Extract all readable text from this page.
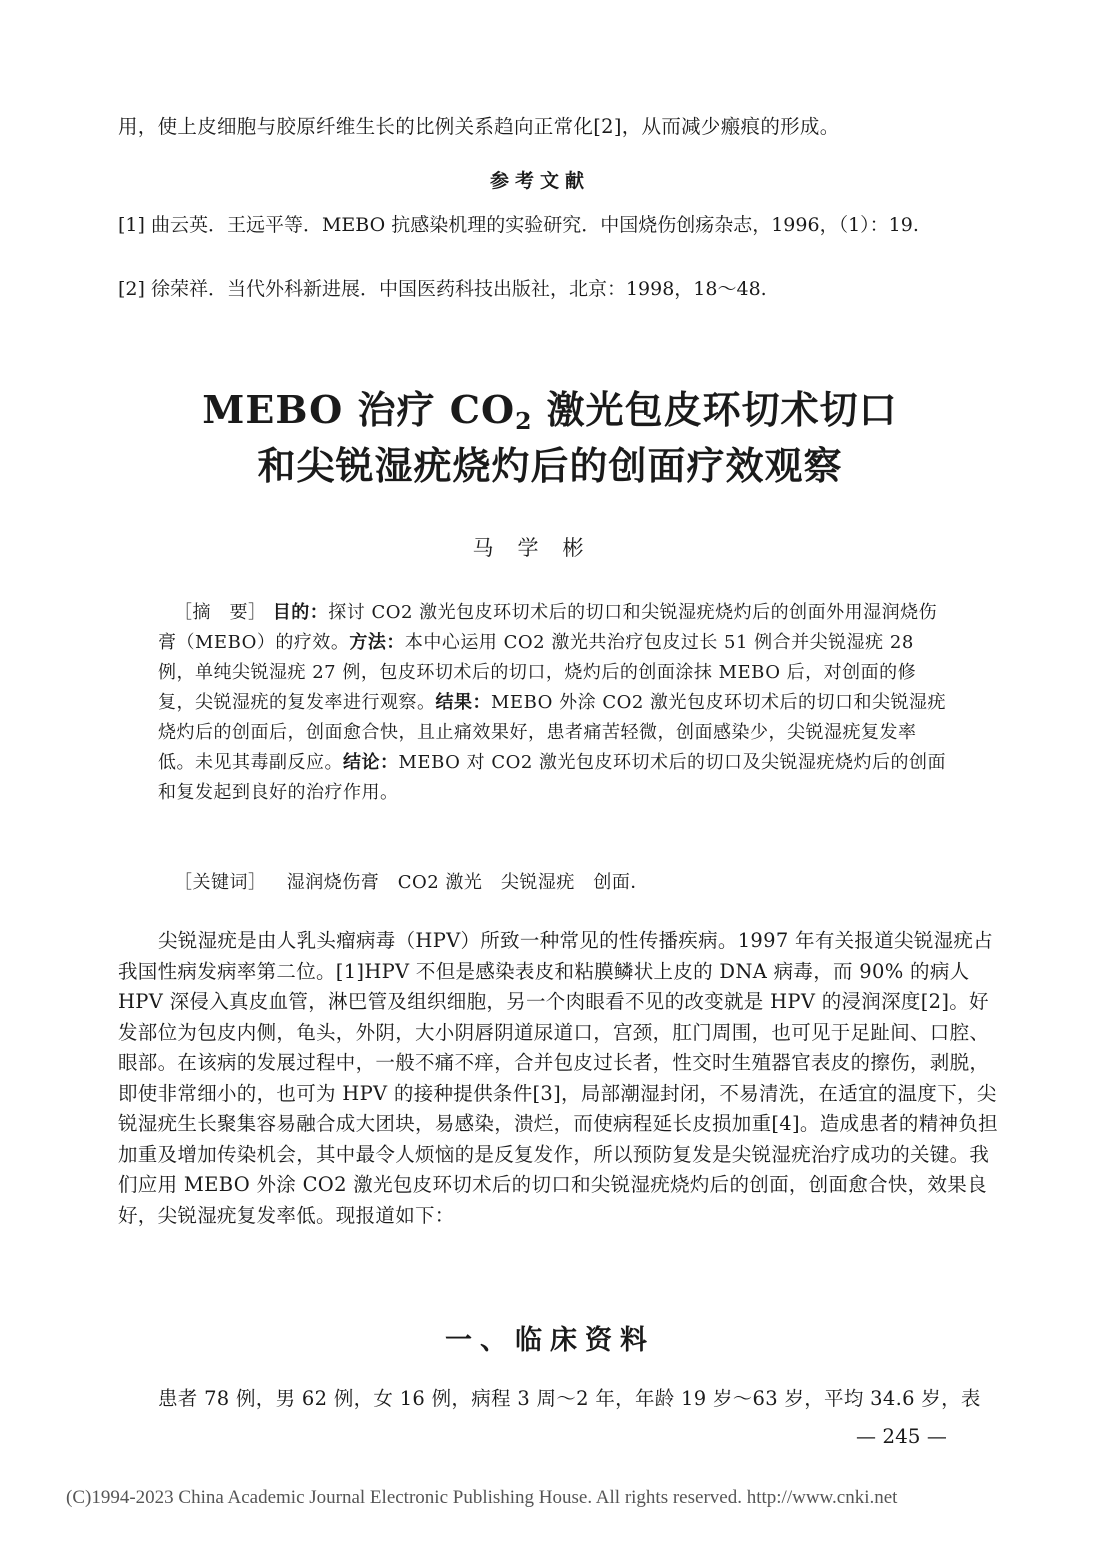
用，使上皮细胞与胶原纤维生长的比例关系趋向正常化[2]，从而减少瘢痕的形成。
参考文献
[1] 曲云英．王远平等．MEBO 抗感染机理的实验研究．中国烧伤创疡杂志，1996，（1）：19.
[2] 徐荣祥．当代外科新进展．中国医药科技出版社，北京：1998，18～48.
MEBO 治疗 $CO_2$ 激光包皮环切术切口
和尖锐湿疣烧灼后的创面疗效观察
马学彬
［摘　要］ 目的：探讨 CO2 激光包皮环切术后的切口和尖锐湿疣烧灼后的创面外用湿润烧伤膏（MEBO）的疗效。方法：本中心运用 CO2 激光共治疗包皮过长 51 例合并尖锐湿疣 28 例，单纯尖锐湿疣 27 例，包皮环切术后的切口，烧灼后的创面涂抹 MEBO 后，对创面的修复，尖锐湿疣的复发率进行观察。结果：MEBO 外涂 CO2 激光包皮环切术后的切口和尖锐湿疣烧灼后的创面后，创面愈合快，且止痛效果好，患者痛苦轻微，创面感染少，尖锐湿疣复发率低。未见其毒副反应。结论：MEBO 对 CO2 激光包皮环切术后的切口及尖锐湿疣烧灼后的创面和复发起到良好的治疗作用。
［关键词］ 湿润烧伤膏　CO2 激光　尖锐湿疣　创面．
尖锐湿疣是由人乳头瘤病毒（HPV）所致一种常见的性传播疾病。1997 年有关报道尖锐湿疣占我国性病发病率第二位。[1]HPV 不但是感染表皮和粘膜鳞状上皮的 DNA 病毒，而 90% 的病人 HPV 深侵入真皮血管，淋巴管及组织细胞，另一个肉眼看不见的改变就是 HPV 的浸润深度[2]。好发部位为包皮内侧，龟头，外阴，大小阴唇阴道尿道口，宫颈，肛门周围，也可见于足趾间、口腔、眼部。在该病的发展过程中，一般不痛不痒，合并包皮过长者，性交时生殖器官表皮的擦伤，剥脱，即使非常细小的，也可为 HPV 的接种提供条件[3]，局部潮湿封闭，不易清洗，在适宜的温度下，尖锐湿疣生长聚集容易融合成大团块，易感染，溃烂，而使病程延长皮损加重[4]。造成患者的精神负担加重及增加传染机会，其中最令人烦恼的是反复发作，所以预防复发是尖锐湿疣治疗成功的关键。我们应用 MEBO 外涂 CO2 激光包皮环切术后的切口和尖锐湿疣烧灼后的创面，创面愈合快，效果良好，尖锐湿疣复发率低。现报道如下：
一、临床资料
患者 78 例，男 62 例，女 16 例，病程 3 周～2 年，年龄 19 岁～63 岁，平均 34.6 岁，表
— 245 —
(C)1994-2023 China Academic Journal Electronic Publishing House. All rights reserved. http://www.cnki.net
